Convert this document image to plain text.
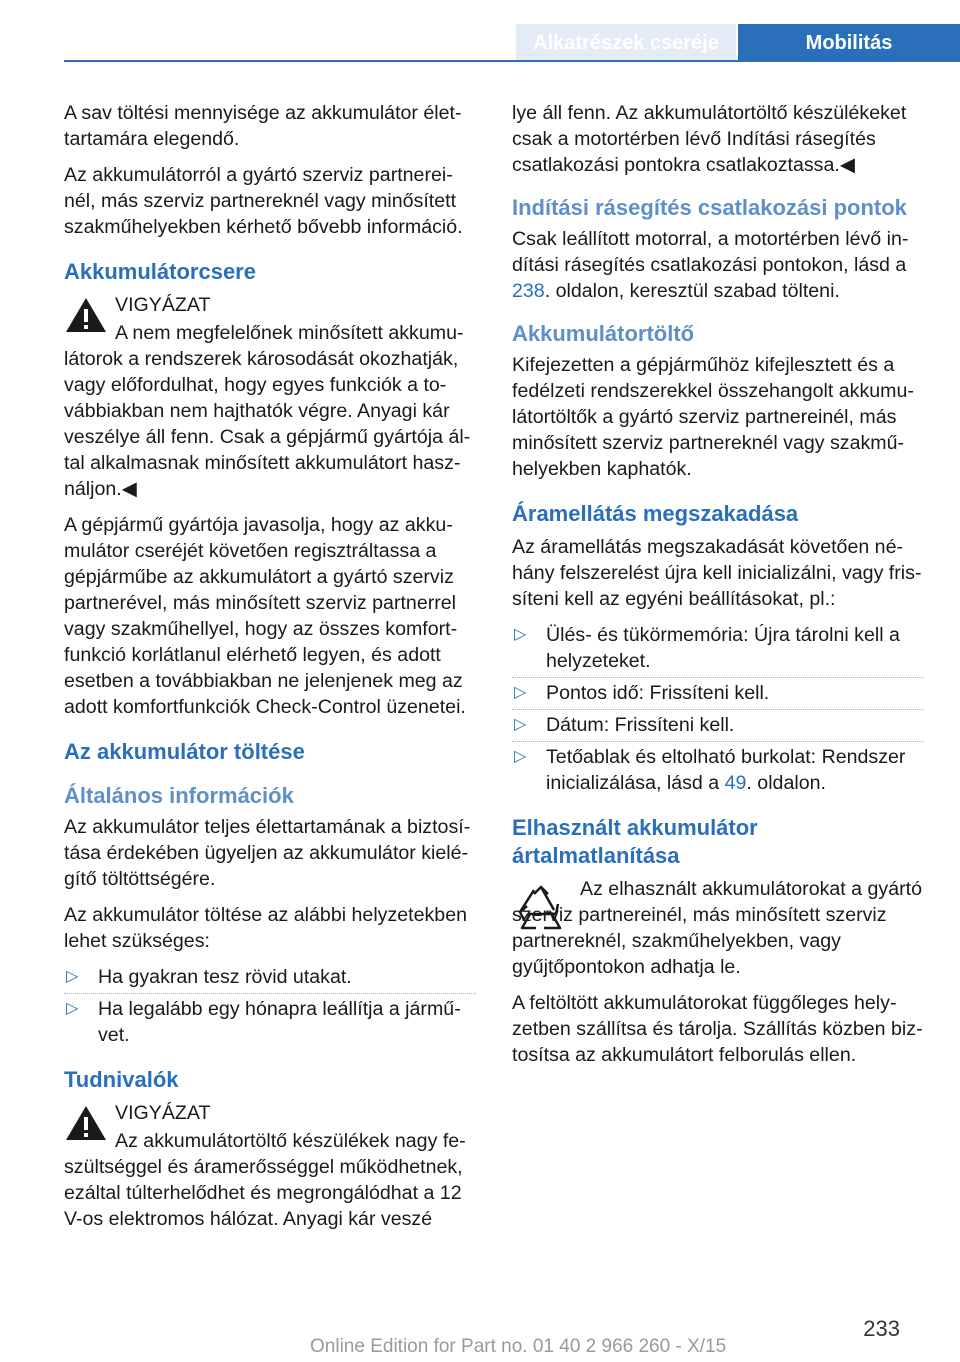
Alkatrészek cseréje	Mobilitás

A sav töltési mennyisége az akkumulátor élettartamára elegendő.

Az akkumulátorról a gyártó szerviz partnereinél, más szerviz partnereknél vagy minősített szakműhelyekben kérhető bővebb információ.

Akkumulátorcsere
VIGYÁZAT

A nem megfelelőnek minősített akkumulátorok a rendszerek károsodását okozhatják, vagy előfordulhat, hogy egyes funkciók a továbbiakban nem hajthatók végre. Anyagi kár veszélye áll fenn. Csak a gépjármű gyártója által alkalmasnak minősített akkumulátort használjon.◀

A gépjármű gyártója javasolja, hogy az akkumulátor cseréjét követően regisztráltassa a gépjárműbe az akkumulátort a gyártó szerviz partnerével, más minősített szerviz partnerrel vagy szakműhellyel, hogy az összes komfortfunkció korlátlanul elérhető legyen, és adott esetben a továbbiakban ne jelenjenek meg az adott komfortfunkciók Check-Control üzenetei.

Az akkumulátor töltése
Általános információk

Az akkumulátor teljes élettartamának a biztosítása érdekében ügyeljen az akkumulátor kielégítő töltöttségére.

Az akkumulátor töltése az alábbi helyzetekben lehet szükséges:

▷ Ha gyakran tesz rövid utakat.
▷ Ha legalább egy hónapra leállítja a járművet.
Tudnivalók
VIGYÁZAT

Az akkumulátortöltő készülékek nagy feszültséggel és áramerősséggel működhetnek, ezáltal túlterhelődhet és megrongálódhat a 12 V-os elektromos hálózat. Anyagi kár veszé

lye áll fenn. Az akkumulátortöltő készülékeket csak a motortérben lévő Indítási rásegítés csatlakozási pontokra csatlakoztassa.◀

Indítási rásegítés csatlakozási pontok

Csak leállított motorral, a motortérben lévő indítási rásegítés csatlakozási pontokon, lásd a 238. oldalon, keresztül szabad tölteni.

Akkumulátortöltő

Kifejezetten a gépjárműhöz kifejlesztett és a fedélzeti rendszerekkel összehangolt akkumulátortöltők a gyártó szerviz partnereinél, más minősített szerviz partnereknél vagy szakműhelyekben kaphatók.

Áramellátás megszakadása

Az áramellátás megszakadását követően néhány felszerelést újra kell inicializálni, vagy frissíteni kell az egyéni beállításokat, pl.:

▷ Ülés- és tükörmemória: Újra tárolni kell a helyzeteket.
▷ Pontos idő: Frissíteni kell.
▷ Dátum: Frissíteni kell.
▷ Tetőablak és eltolható burkolat: Rendszer inicializálása, lásd a 49. oldalon.
Elhasznált akkumulátor ártalmatlanítása

Az elhasznált akkumulátorokat a gyártó szerviz partnereinél, más minősített szerviz partnereknél, szakműhelyekben, vagy gyűjtőpontokon adhatja le.

A feltöltött akkumulátorokat függőleges helyzetben szállítsa és tárolja. Szállítás közben biztosítsa az akkumulátort felborulás ellen.

233
Online Edition for Part no. 01 40 2 966 260 - X/15
